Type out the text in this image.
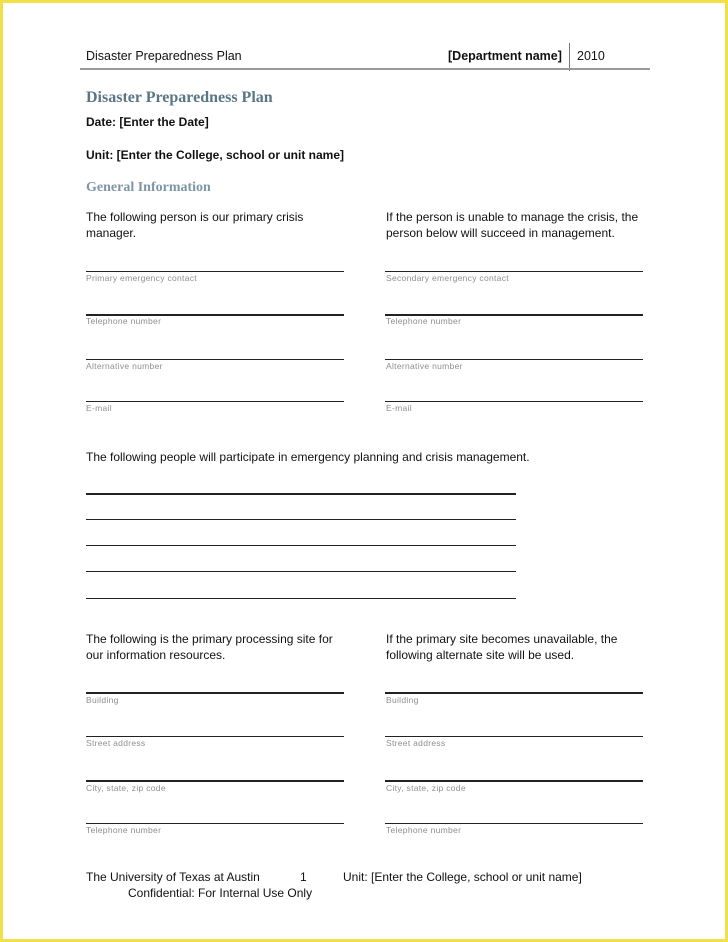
Disaster Preparedness Plan	[Department name] 2010
Disaster Preparedness Plan
Date: [Enter the Date]
Unit: [Enter the College, school or unit name]
General Information
The following person is our primary crisis manager.
If the person is unable to manage the crisis, the person below will succeed in management.
Primary emergency contact
Telephone number
Alternative number
E-mail
Secondary emergency contact
Telephone number
Alternative number
E-mail
The following people will participate in emergency planning and crisis management.
The following is the primary processing site for our information resources.
If the primary site becomes unavailable, the following alternate site will be used.
Building
Street address
City, state, zip code
Telephone number
Building
Street address
City, state, zip code
Telephone number
The University of Texas at Austin	1	Unit: [Enter the College, school or unit name]
Confidential: For Internal Use Only
